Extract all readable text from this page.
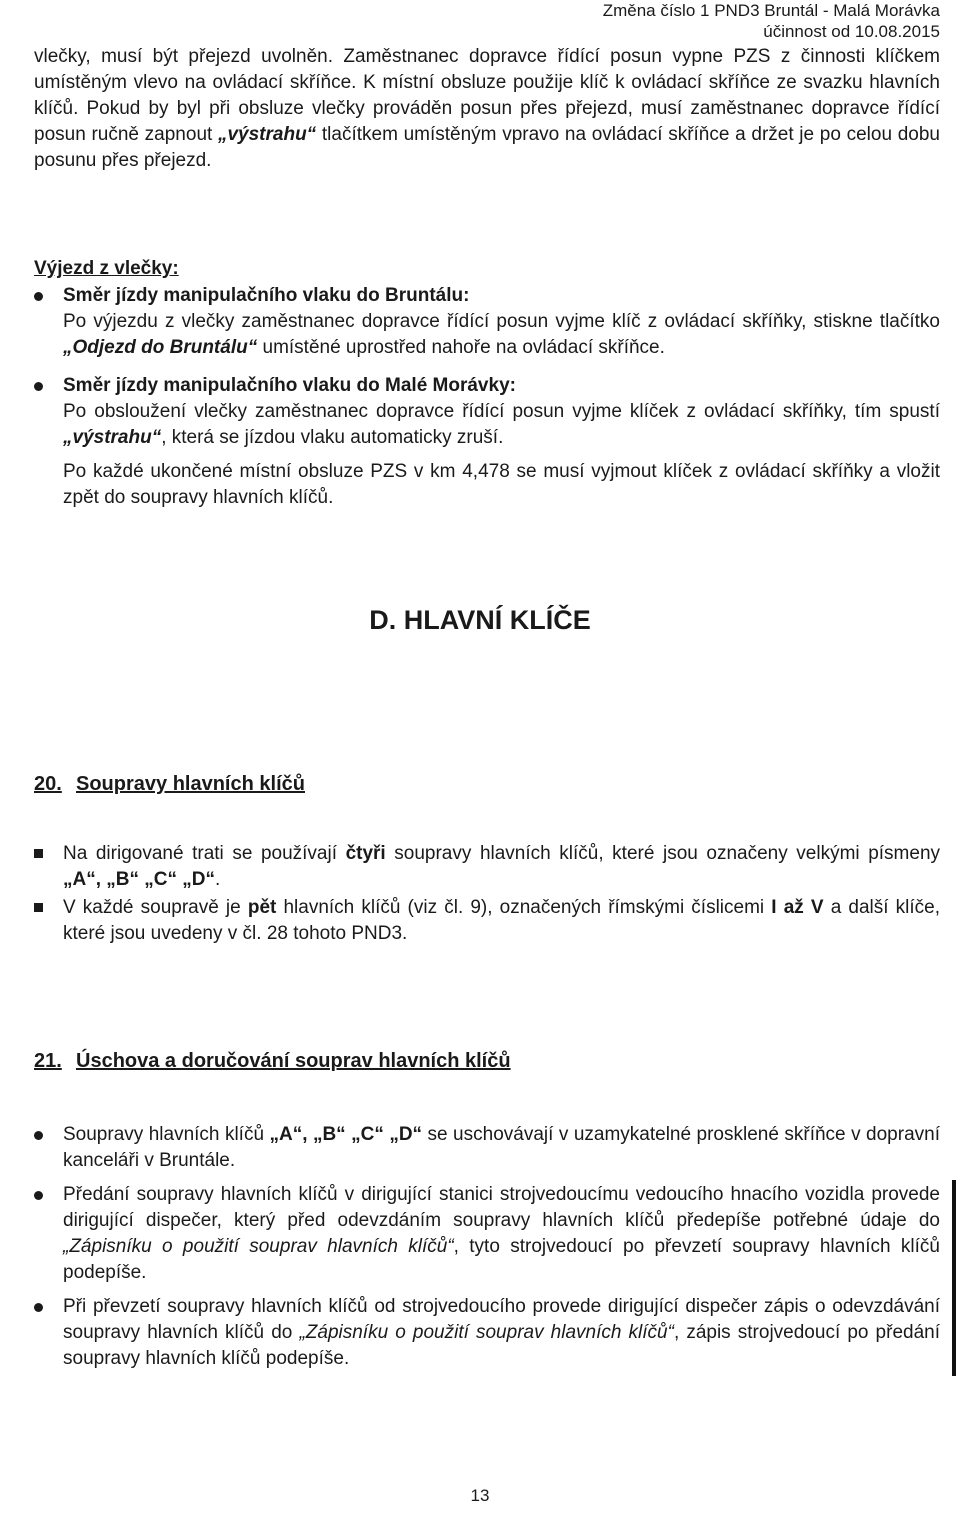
Změna číslo 1 PND3 Bruntál - Malá Morávka
účinnost od 10.08.2015

vlečky, musí být přejezd uvolněn. Zaměstnanec dopravce řídící posun vypne PZS z činnosti klíčkem umístěným vlevo na ovládací skříňce. K místní obsluze použije klíč k ovládací skříňce ze svazku hlavních klíčů. Pokud by byl při obsluze vlečky prováděn posun přes přejezd, musí zaměstnanec dopravce řídící posun ručně zapnout „výstrahu“ tlačítkem umístěným vpravo na ovládací skříňce a držet je po celou dobu posunu přes přejezd.

Výjezd z vlečky:

Směr jízdy manipulačního vlaku do Bruntálu:

Po výjezdu z vlečky zaměstnanec dopravce řídící posun vyjme klíč z ovládací skříňky, stiskne tlačítko „Odjezd do Bruntálu“ umístěné uprostřed nahoře na ovládací skříňce.

Směr jízdy manipulačního vlaku do Malé Morávky:

Po obsloužení vlečky zaměstnanec dopravce řídící posun vyjme klíček z ovládací skříňky, tím spustí „výstrahu“, která se jízdou vlaku automaticky zruší.

Po každé ukončené místní obsluze PZS v km 4,478 se musí vyjmout klíček z ovládací skříňky a vložit zpět do soupravy hlavních klíčů.

D. HLAVNÍ KLÍČE
20. Soupravy hlavních klíčů

Na dirigované trati se používají čtyři soupravy hlavních klíčů, které jsou označeny velkými písmeny „A“, „B“ „C“ „D“.

V každé soupravě je pět hlavních klíčů (viz čl. 9), označených římskými číslicemi I až V a další klíče, které jsou uvedeny v čl. 28 tohoto PND3.

21. Úschova a doručování souprav hlavních klíčů

Soupravy hlavních klíčů „A“, „B“ „C“ „D“ se uschovávají v uzamykatelné prosklené skříňce v dopravní kanceláři v Bruntále.

Předání soupravy hlavních klíčů v dirigující stanici strojvedoucímu vedoucího hnacího vozidla provede dirigující dispečer, který před odevzdáním soupravy hlavních klíčů předepíše potřebné údaje do „Zápisníku o použití souprav hlavních klíčů“, tyto strojvedoucí po převzetí soupravy hlavních klíčů podepíše.

Při převzetí soupravy hlavních klíčů od strojvedoucího provede dirigující dispečer zápis o odevzdávání soupravy hlavních klíčů do „Zápisníku o použití souprav hlavních klíčů“, zápis strojvedoucí po předání soupravy hlavních klíčů podepíše.

13
